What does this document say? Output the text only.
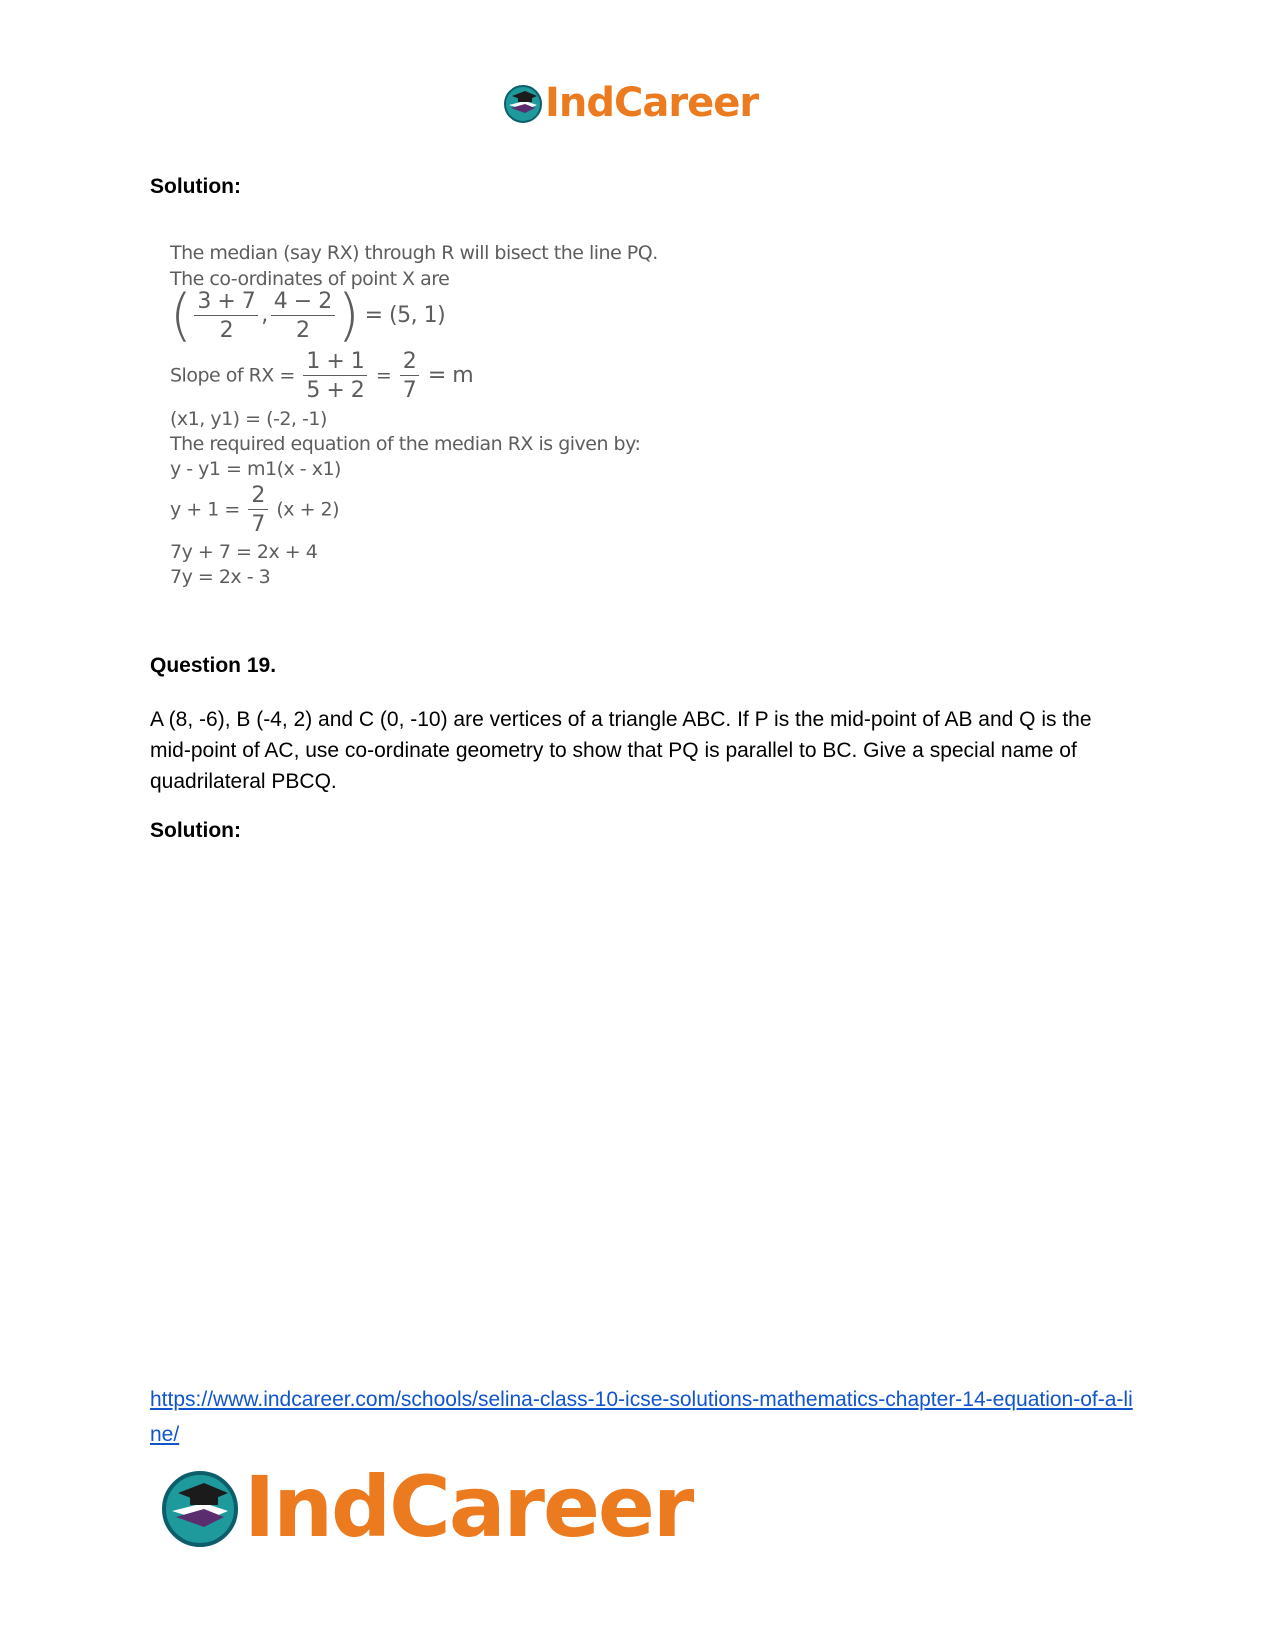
IndCareer
Solution:
The median (say RX) through R will bisect the line PQ.
The co-ordinates of point X are
( $\frac{3 + 7}{2}$ , $\frac{4 - 2}{2}$ ) = (5, 1)
Slope of RX = $\frac{1 + 1}{5 + 2} = \frac{2}{7} = m$
(x1, y1) = (-2, -1)
The required equation of the median RX is given by:
y - y1 = m1(x - x1)
$y + 1 = \frac{2}{7} (x + 2)$
7y + 7 = 2x + 4
7y = 2x - 3
Question 19.
A (8, -6), B (-4, 2) and C (0, -10) are vertices of a triangle ABC. If P is the mid-point of AB and Q is the mid-point of AC, use co-ordinate geometry to show that PQ is parallel to BC. Give a special name of quadrilateral PBCQ.
Solution:
https://www.indcareer.com/schools/selina-class-10-icse-solutions-mathematics-chapter-14-equation-of-a-line/
IndCareer
